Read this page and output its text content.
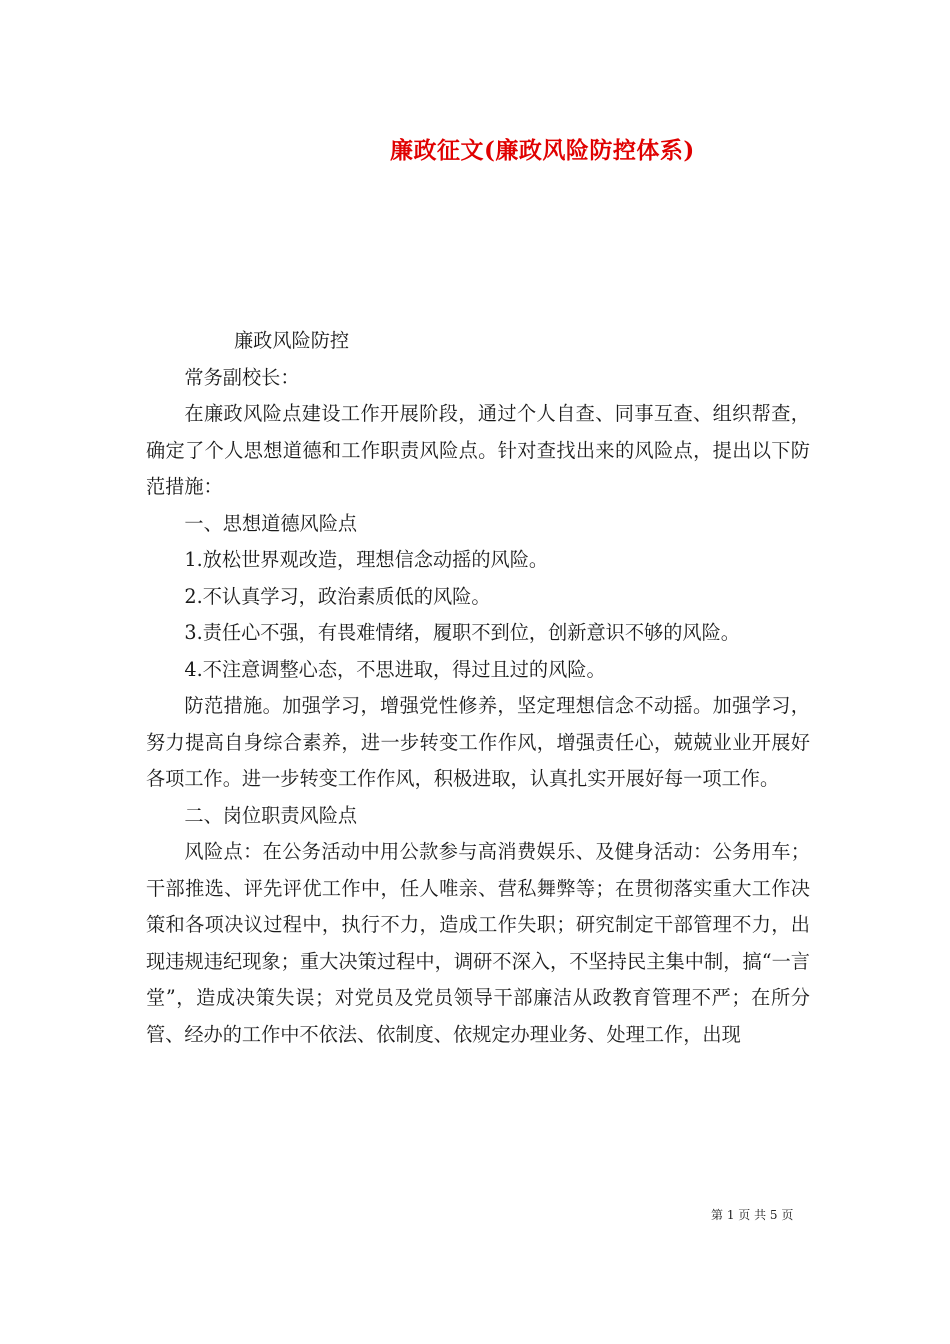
廉政征文(廉政风险防控体系)

廉政风险防控

常务副校长：

在廉政风险点建设工作开展阶段，通过个人自查、同事互查、组织帮查，确定了个人思想道德和工作职责风险点。针对查找出来的风险点，提出以下防范措施：

一、思想道德风险点

1.放松世界观改造，理想信念动摇的风险。

2.不认真学习，政治素质低的风险。

3.责任心不强，有畏难情绪，履职不到位，创新意识不够的风险。

4.不注意调整心态，不思进取，得过且过的风险。

防范措施。加强学习，增强党性修养，坚定理想信念不动摇。加强学习，努力提高自身综合素养，进一步转变工作作风，增强责任心，兢兢业业开展好各项工作。进一步转变工作作风，积极进取，认真扎实开展好每一项工作。

二、岗位职责风险点

风险点：在公务活动中用公款参与高消费娱乐、及健身活动：公务用车；干部推选、评先评优工作中，任人唯亲、营私舞弊等；在贯彻落实重大工作决策和各项决议过程中，执行不力，造成工作失职；研究制定干部管理不力，出现违规违纪现象；重大决策过程中，调研不深入，不坚持民主集中制，搞“一言堂”，造成决策失误；对党员及党员领导干部廉洁从政教育管理不严；在所分管、经办的工作中不依法、依制度、依规定办理业务、处理工作，出现

第 1 页 共 5 页
